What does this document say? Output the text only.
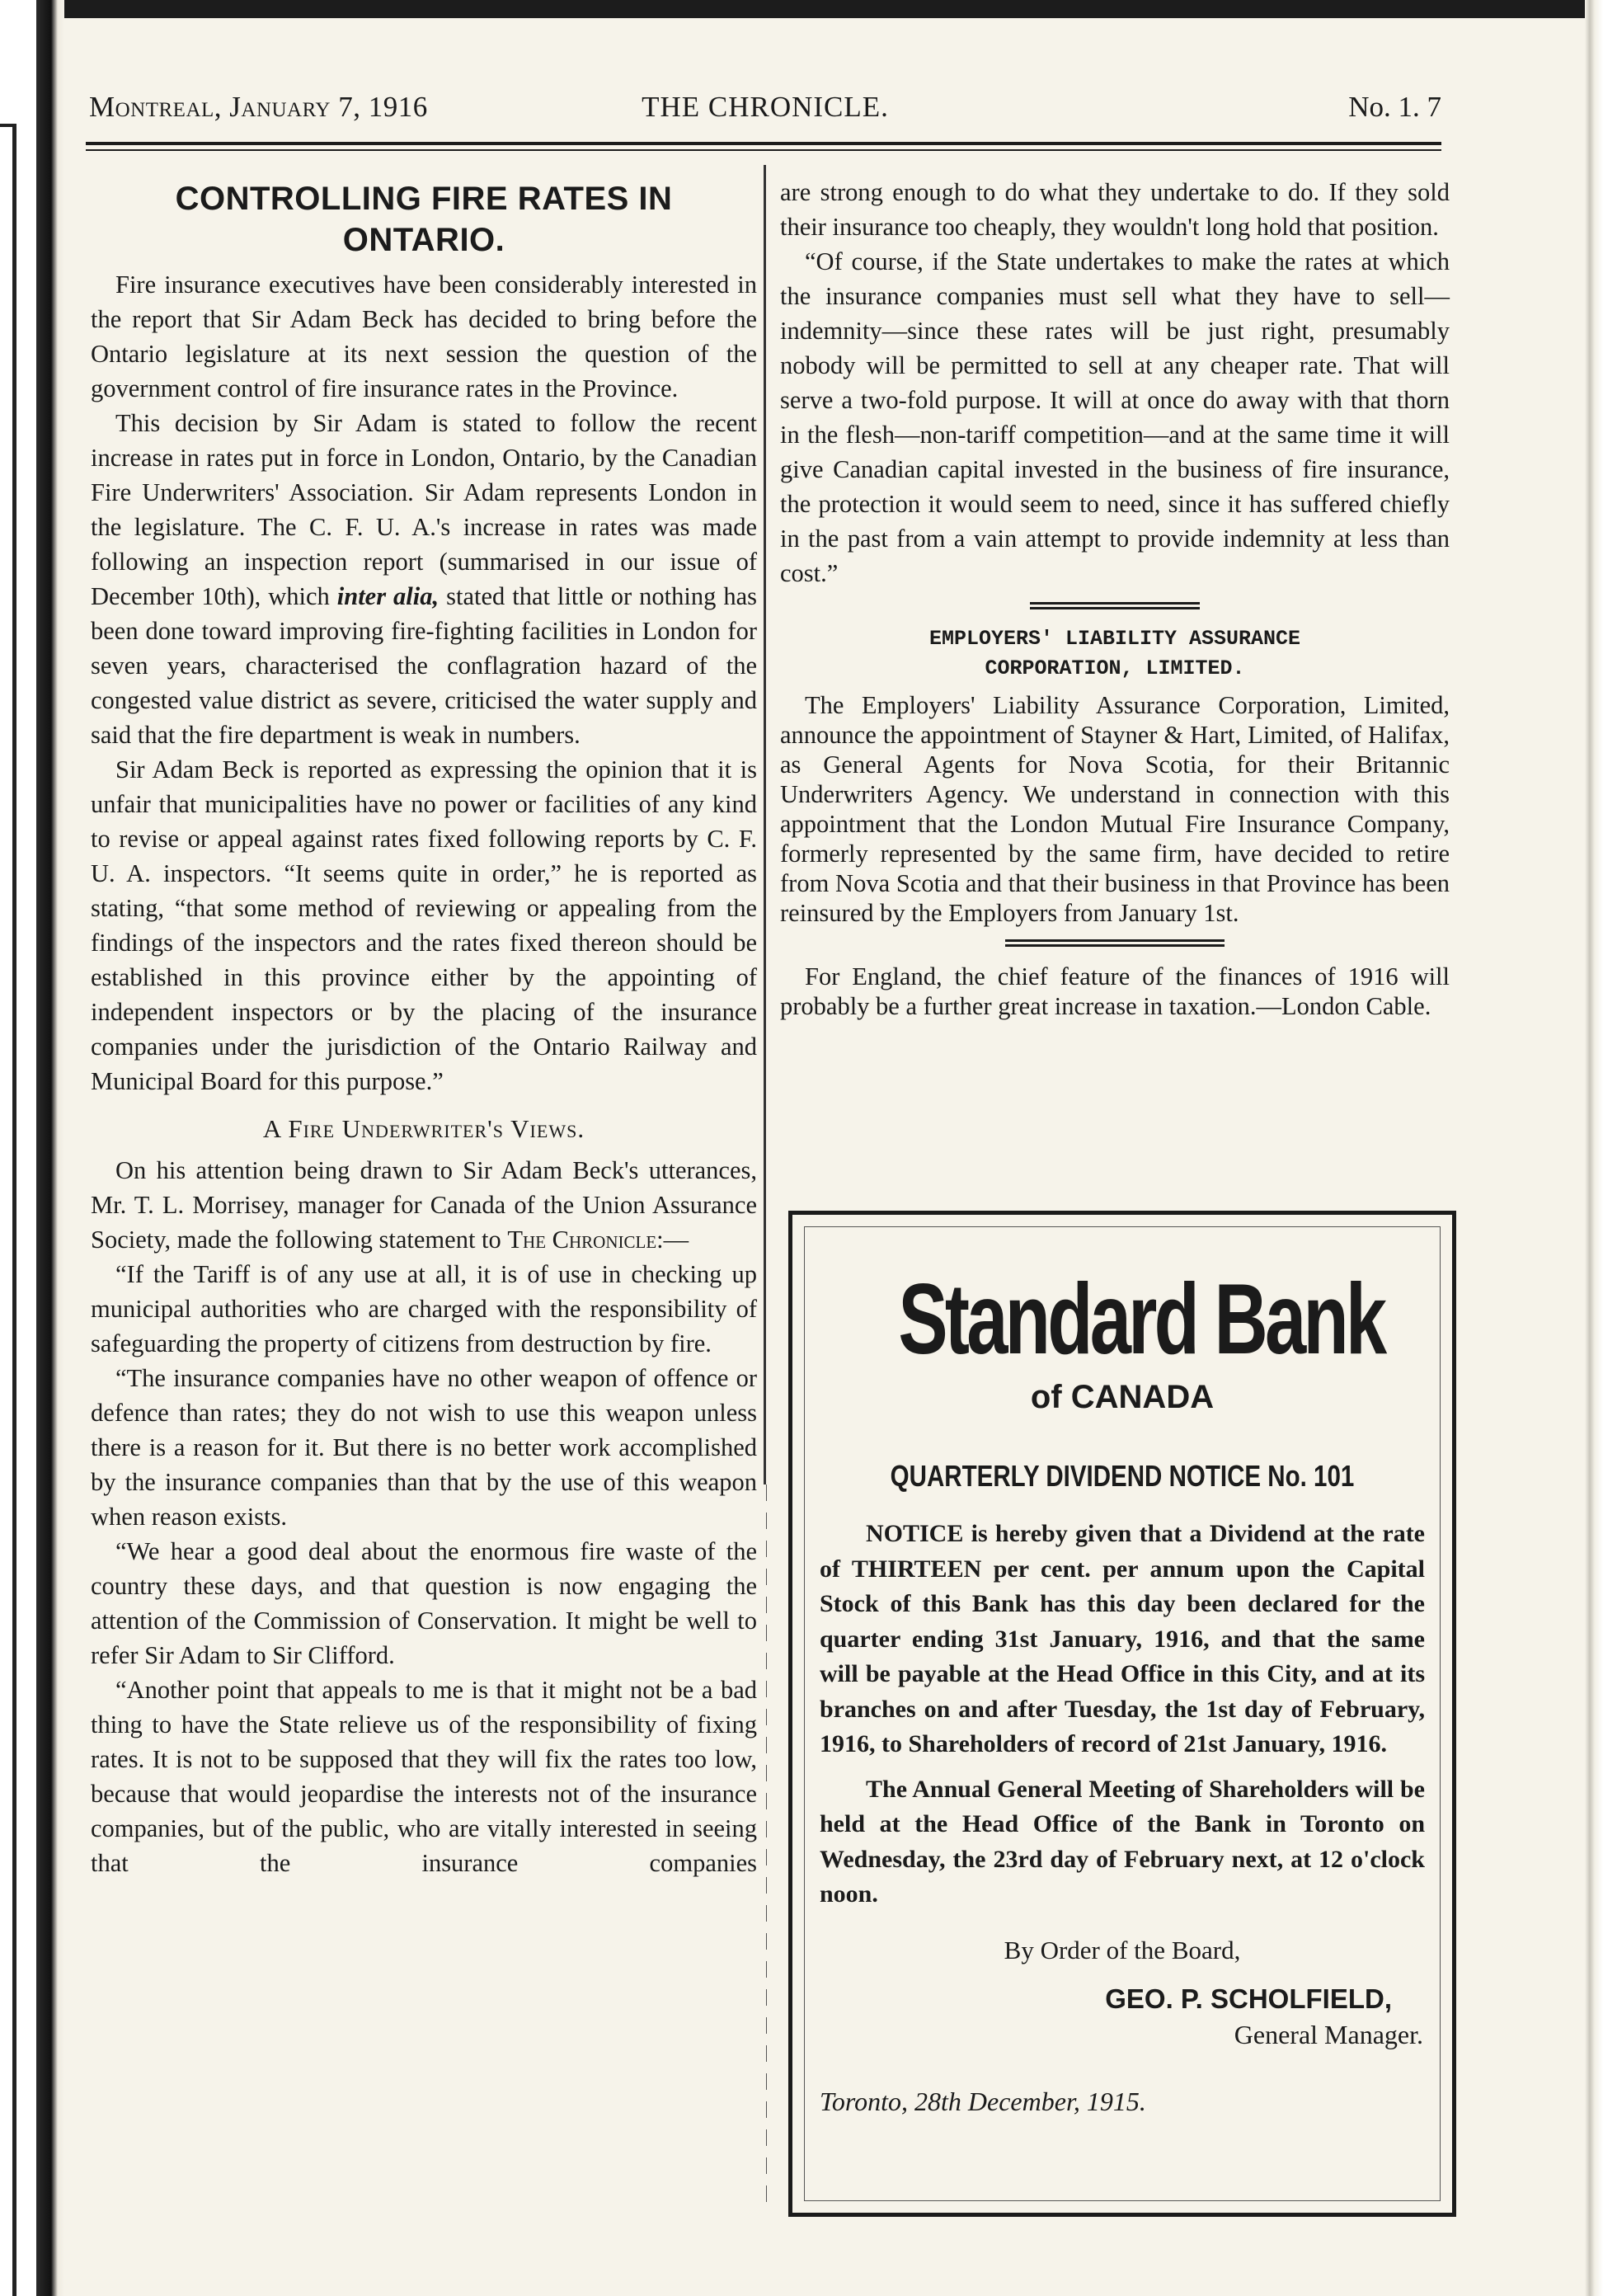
Montreal, January 7, 1916	THE CHRONICLE.	No. 1. 7
CONTROLLING FIRE RATES IN ONTARIO.

Fire insurance executives have been considerably interested in the report that Sir Adam Beck has decided to bring before the Ontario legislature at its next session the question of the government control of fire insurance rates in the Province.

This decision by Sir Adam is stated to follow the recent increase in rates put in force in London, Ontario, by the Canadian Fire Underwriters' Association. Sir Adam represents London in the legislature. The C. F. U. A.'s increase in rates was made following an inspection report (summarised in our issue of December 10th), which inter alia, stated that little or nothing has been done toward improving fire-fighting facilities in London for seven years, characterised the conflagration hazard of the congested value district as severe, criticised the water supply and said that the fire department is weak in numbers.

Sir Adam Beck is reported as expressing the opinion that it is unfair that municipalities have no power or facilities of any kind to revise or appeal against rates fixed following reports by C. F. U. A. inspectors. “It seems quite in order,” he is reported as stating, “that some method of reviewing or appealing from the findings of the inspectors and the rates fixed thereon should be established in this province either by the appointing of independent inspectors or by the placing of the insurance companies under the jurisdiction of the Ontario Railway and Municipal Board for this purpose.”

A Fire Underwriter's Views.

On his attention being drawn to Sir Adam Beck's utterances, Mr. T. L. Morrisey, manager for Canada of the Union Assurance Society, made the following statement to The Chronicle:—

“If the Tariff is of any use at all, it is of use in checking up municipal authorities who are charged with the responsibility of safeguarding the property of citizens from destruction by fire.

“The insurance companies have no other weapon of offence or defence than rates; they do not wish to use this weapon unless there is a reason for it. But there is no better work accomplished by the insurance companies than that by the use of this weapon when reason exists.

“We hear a good deal about the enormous fire waste of the country these days, and that question is now engaging the attention of the Commission of Conservation. It might be well to refer Sir Adam to Sir Clifford.

“Another point that appeals to me is that it might not be a bad thing to have the State relieve us of the responsibility of fixing rates. It is not to be supposed that they will fix the rates too low, because that would jeopardise the interests not of the insurance companies, but of the public, who are vitally interested in seeing that the insurance companies

are strong enough to do what they undertake to do. If they sold their insurance too cheaply, they wouldn't long hold that position.

“Of course, if the State undertakes to make the rates at which the insurance companies must sell what they have to sell—indemnity—since these rates will be just right, presumably nobody will be permitted to sell at any cheaper rate. That will serve a two-fold purpose. It will at once do away with that thorn in the flesh—non-tariff competition—and at the same time it will give Canadian capital invested in the business of fire insurance, the protection it would seem to need, since it has suffered chiefly in the past from a vain attempt to provide indemnity at less than cost.”

EMPLOYERS' LIABILITY ASSURANCE
CORPORATION, LIMITED.

The Employers' Liability Assurance Corporation, Limited, announce the appointment of Stayner & Hart, Limited, of Halifax, as General Agents for Nova Scotia, for their Britannic Underwriters Agency. We understand in connection with this appointment that the London Mutual Fire Insurance Company, formerly represented by the same firm, have decided to retire from Nova Scotia and that their business in that Province has been reinsured by the Employers from January 1st.

For England, the chief feature of the finances of 1916 will probably be a further great increase in taxation.—London Cable.

Standard Bank
of CANADA
QUARTERLY DIVIDEND NOTICE No. 101

NOTICE is hereby given that a Dividend at the rate of THIRTEEN per cent. per annum upon the Capital Stock of this Bank has this day been declared for the quarter ending 31st January, 1916, and that the same will be payable at the Head Office in this City, and at its branches on and after Tuesday, the 1st day of February, 1916, to Shareholders of record of 21st January, 1916.

The Annual General Meeting of Shareholders will be held at the Head Office of the Bank in Toronto on Wednesday, the 23rd day of February next, at 12 o'clock noon.

By Order of the Board,
GEO. P. SCHOLFIELD,
General Manager.
Toronto, 28th December, 1915.
